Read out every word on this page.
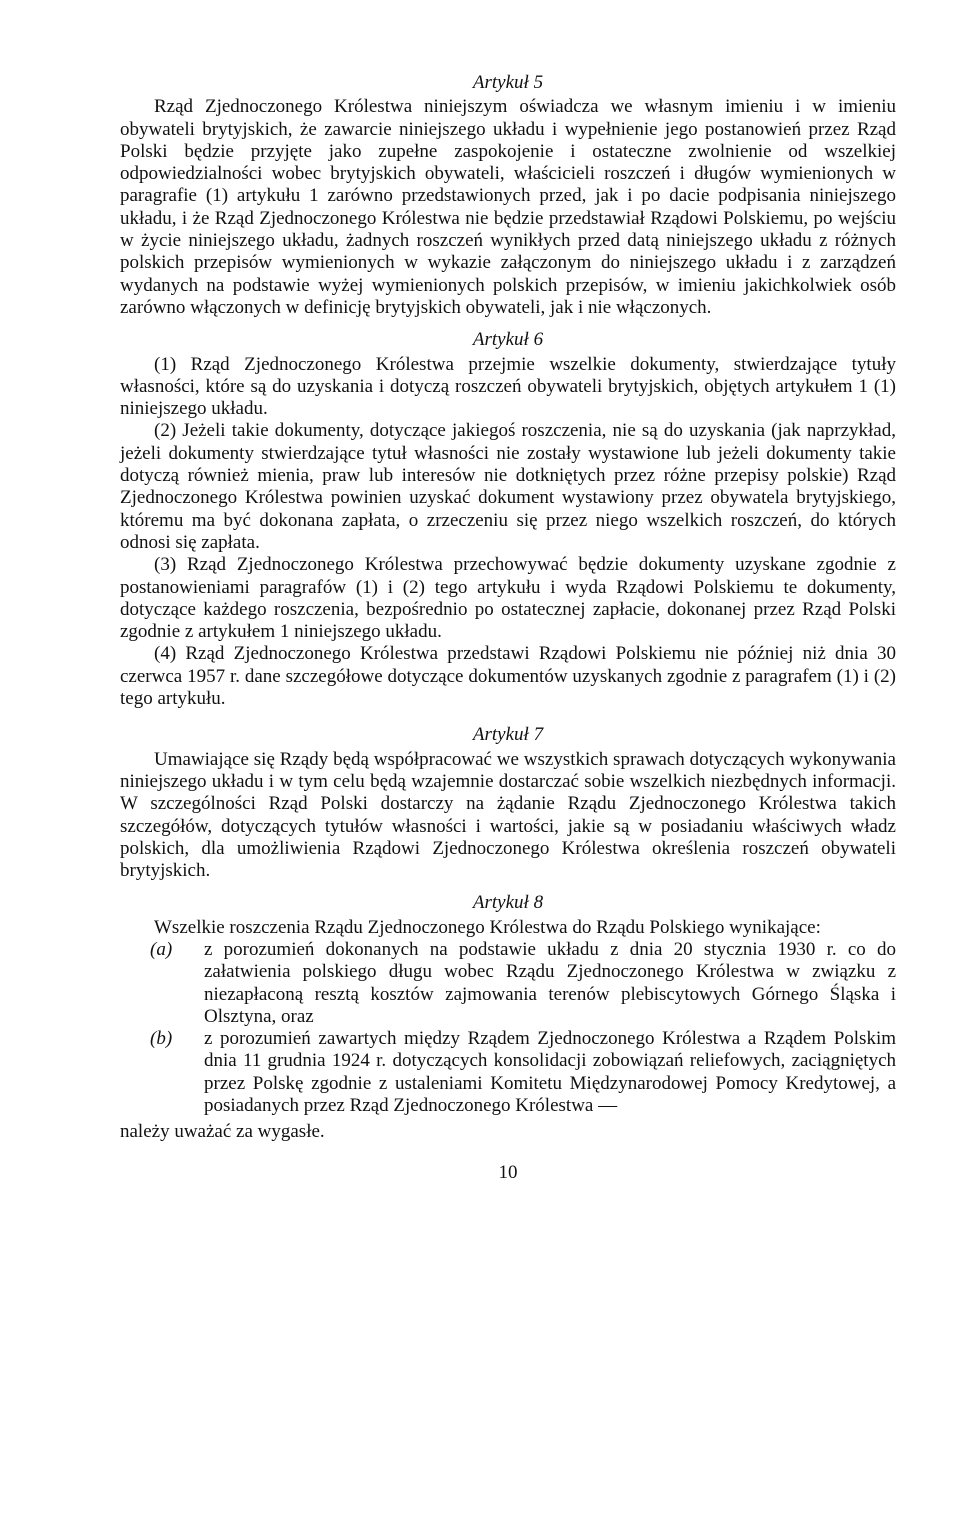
Artykuł 5

Rząd Zjednoczonego Królestwa niniejszym oświadcza we własnym imieniu i w imieniu obywateli brytyjskich, że zawarcie niniejszego układu i wypełnienie jego postanowień przez Rząd Polski będzie przyjęte jako zupełne zaspokojenie i ostateczne zwolnienie od wszelkiej odpowiedzialności wobec brytyjskich obywateli, właścicieli roszczeń i długów wymienionych w paragrafie (1) artykułu 1 zarówno przedstawionych przed, jak i po dacie podpisania niniejszego układu, i że Rząd Zjednoczonego Królestwa nie będzie przedstawiał Rządowi Polskiemu, po wejściu w życie niniejszego układu, żadnych roszczeń wynikłych przed datą niniejszego układu z różnych polskich przepisów wymienionych w wykazie załączonym do niniejszego układu i z zarządzeń wydanych na podstawie wyżej wymienionych polskich przepisów, w imieniu jakichkolwiek osób zarówno włączonych w definicję brytyjskich obywateli, jak i nie włączonych.

Artykuł 6

(1) Rząd Zjednoczonego Królestwa przejmie wszelkie dokumenty, stwierdzające tytuły własności, które są do uzyskania i dotyczą roszczeń obywateli brytyjskich, objętych artykułem 1 (1) niniejszego układu.

(2) Jeżeli takie dokumenty, dotyczące jakiegoś roszczenia, nie są do uzyskania (jak naprzykład, jeżeli dokumenty stwierdzające tytuł własności nie zostały wystawione lub jeżeli dokumenty takie dotyczą również mienia, praw lub interesów nie dotkniętych przez różne przepisy polskie) Rząd Zjednoczonego Królestwa powinien uzyskać dokument wystawiony przez obywatela brytyjskiego, któremu ma być dokonana zapłata, o zrzeczeniu się przez niego wszelkich roszczeń, do których odnosi się zapłata.

(3) Rząd Zjednoczonego Królestwa przechowywać będzie dokumenty uzyskane zgodnie z postanowieniami paragrafów (1) i (2) tego artykułu i wyda Rządowi Polskiemu te dokumenty, dotyczące każdego roszczenia, bezpośrednio po ostatecznej zapłacie, dokonanej przez Rząd Polski zgodnie z artykułem 1 niniejszego układu.

(4) Rząd Zjednoczonego Królestwa przedstawi Rządowi Polskiemu nie później niż dnia 30 czerwca 1957 r. dane szczegółowe dotyczące dokumentów uzyskanych zgodnie z paragrafem (1) i (2) tego artykułu.

Artykuł 7

Umawiające się Rządy będą współpracować we wszystkich sprawach dotyczących wykonywania niniejszego układu i w tym celu będą wzajemnie dostarczać sobie wszelkich niezbędnych informacji. W szczególności Rząd Polski dostarczy na żądanie Rządu Zjednoczonego Królestwa takich szczegółów, dotyczących tytułów własności i wartości, jakie są w posiadaniu właściwych władz polskich, dla umożliwienia Rządowi Zjednoczonego Królestwa określenia roszczeń obywateli brytyjskich.

Artykuł 8

Wszelkie roszczenia Rządu Zjednoczonego Królestwa do Rządu Polskiego wynikające:

(a)	z porozumień dokonanych na podstawie układu z dnia 20 stycznia 1930 r. co do załatwienia polskiego długu wobec Rządu Zjednoczonego Królestwa w związku z niezapłaconą resztą kosztów zajmowania terenów plebiscytowych Górnego Śląska i Olsztyna, oraz
(b)	z porozumień zawartych między Rządem Zjednoczonego Królestwa a Rządem Polskim dnia 11 grudnia 1924 r. dotyczących konsolidacji zobowiązań reliefowych, zaciągniętych przez Polskę zgodnie z ustaleniami Komitetu Międzynarodowej Pomocy Kredytowej, a posiadanych przez Rząd Zjednoczonego Królestwa —

należy uważać za wygasłe.

10
